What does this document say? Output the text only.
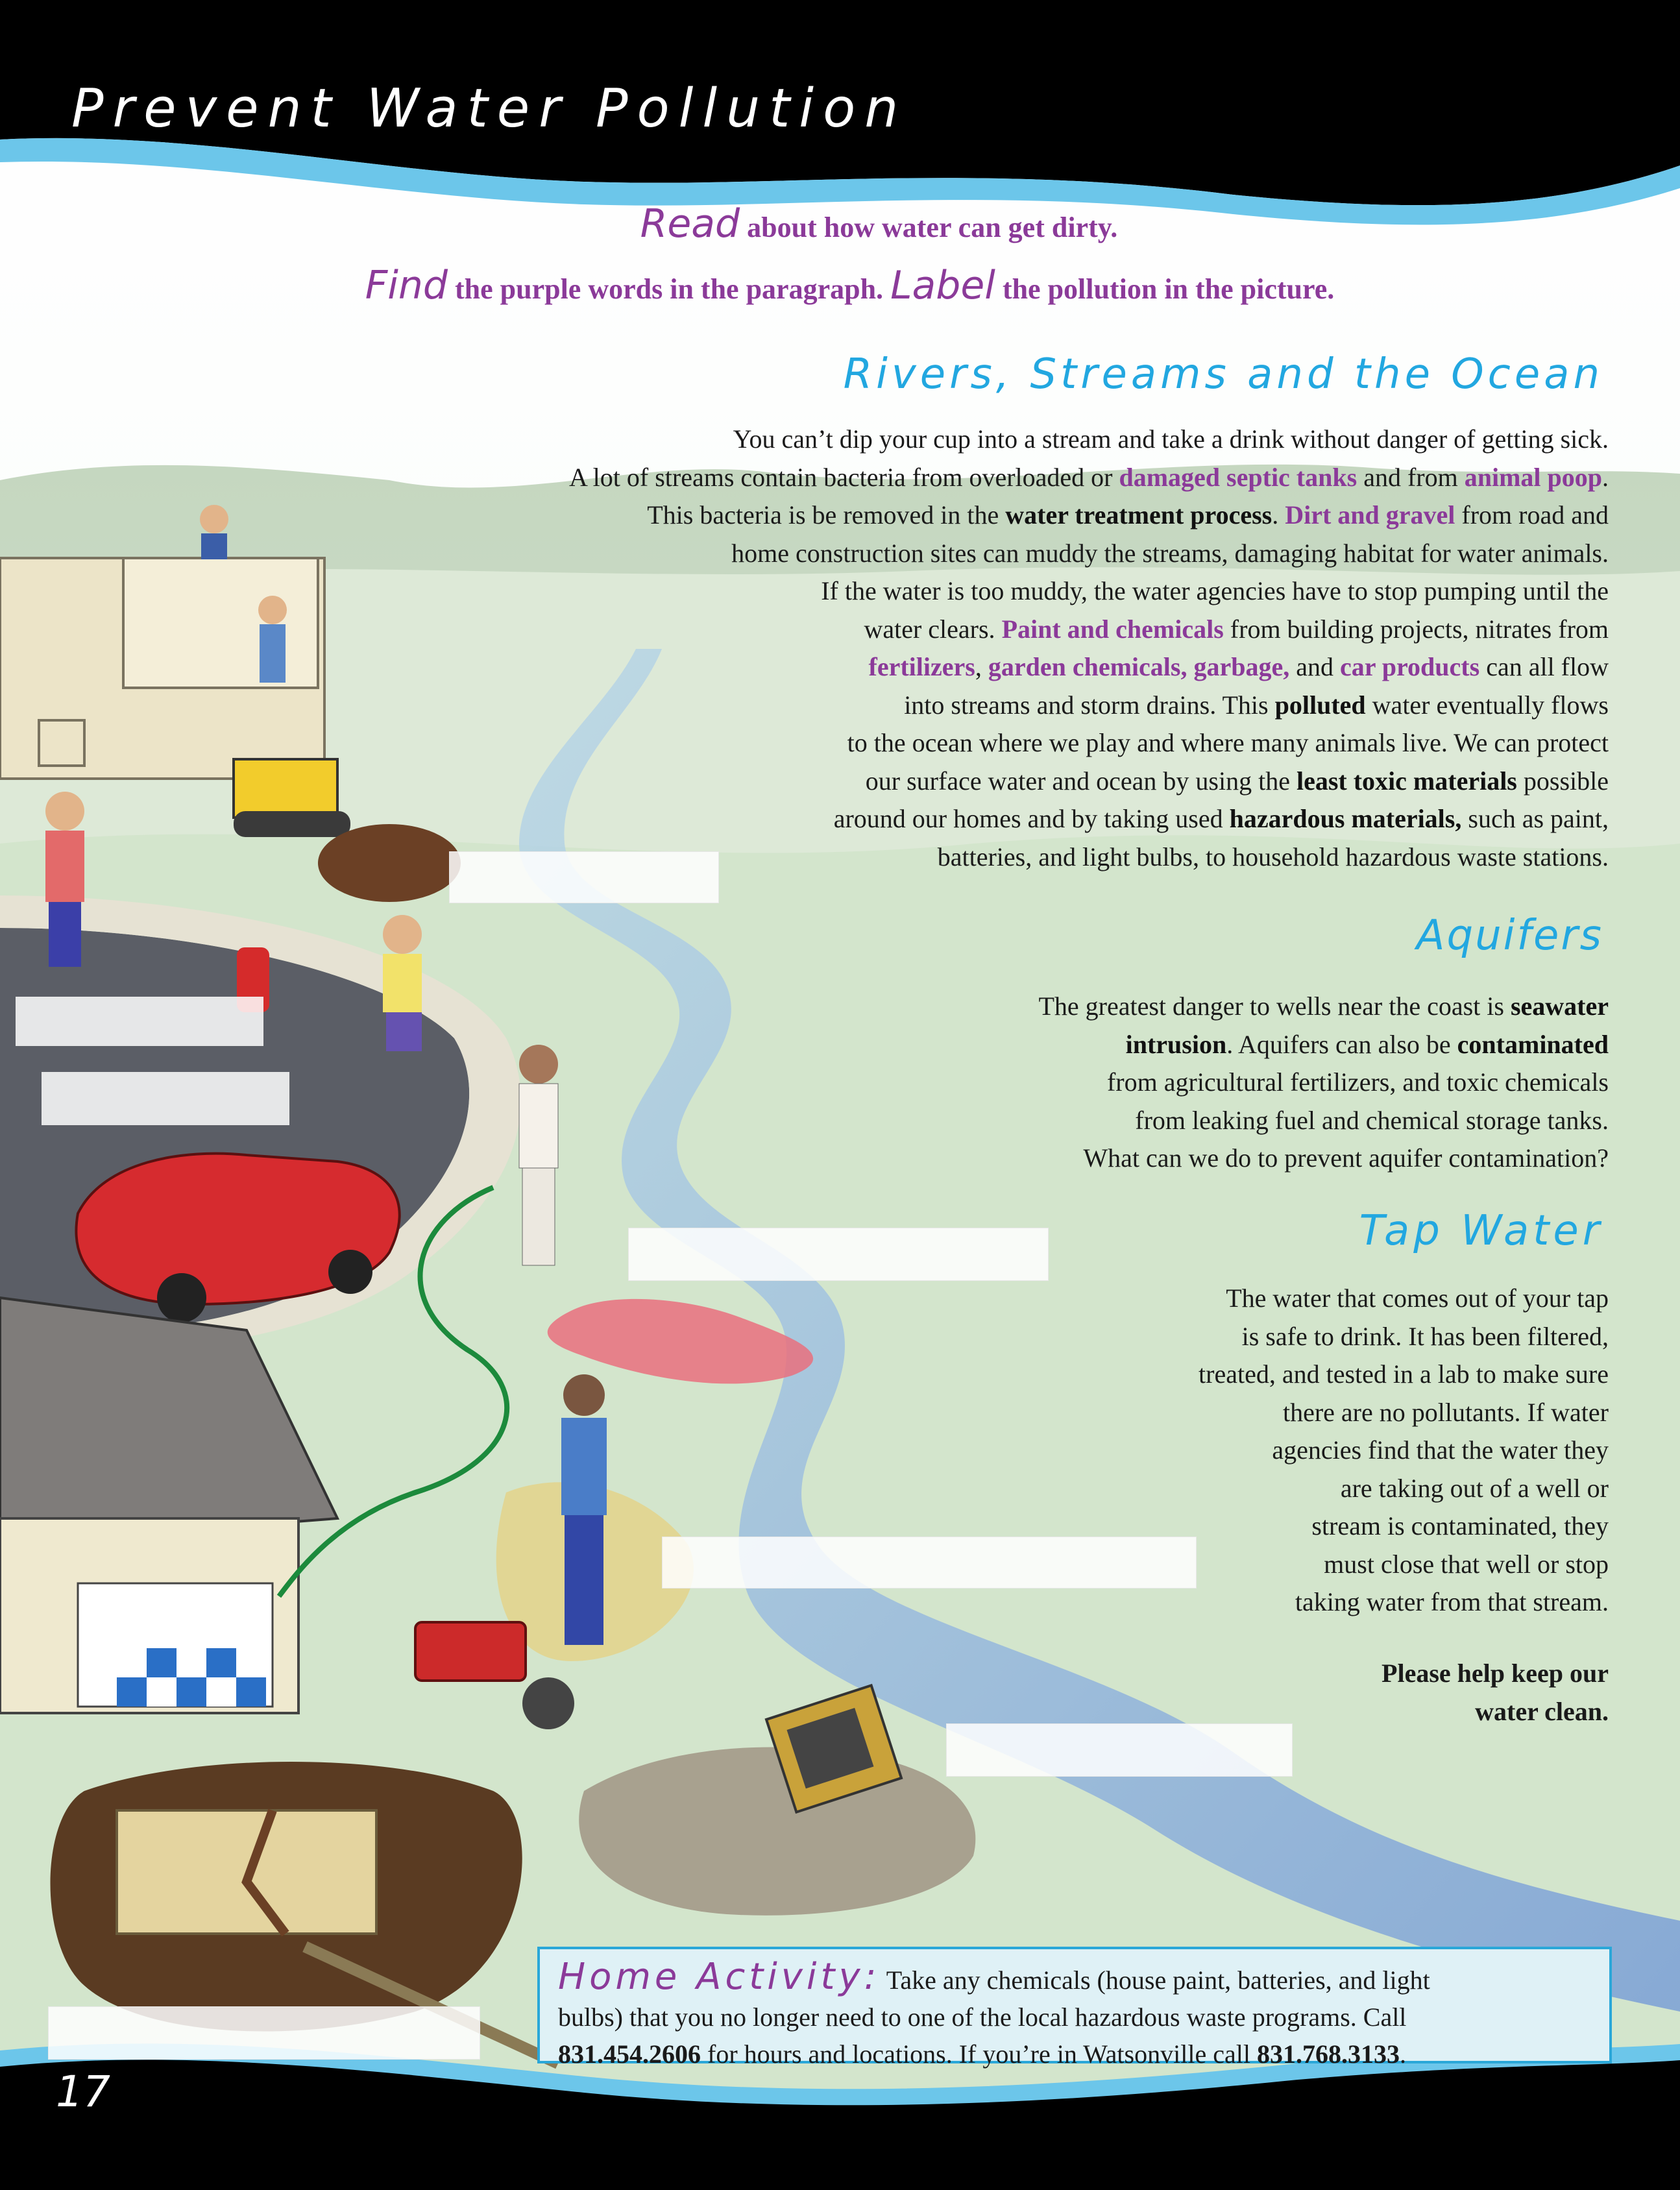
Prevent Water Pollution
Read about how water can get dirty.
Find the purple words in the paragraph. Label the pollution in the picture.
Rivers, Streams and the Ocean
You can’t dip your cup into a stream and take a drink without danger of getting sick.
A lot of streams contain bacteria from overloaded or damaged septic tanks and from animal poop.
This bacteria is be removed in the water treatment process. Dirt and gravel from road and
home construction sites can muddy the streams, damaging habitat for water animals.
If the water is too muddy, the water agencies have to stop pumping until the
water clears. Paint and chemicals from building projects, nitrates from
fertilizers, garden chemicals, garbage, and car products can all flow
into streams and storm drains. This polluted water eventually flows
to the ocean where we play and where many animals live. We can protect
our surface water and ocean by using the least toxic materials possible
around our homes and by taking used hazardous materials, such as paint,
batteries, and light bulbs, to household hazardous waste stations.
Aquifers
The greatest danger to wells near the coast is seawater
intrusion. Aquifers can also be contaminated
from agricultural fertilizers, and toxic chemicals
from leaking fuel and chemical storage tanks.
What can we do to prevent aquifer contamination?
Tap Water
The water that comes out of your tap
is safe to drink. It has been filtered,
treated, and tested in a lab to make sure
there are no pollutants. If water
agencies find that the water they
are taking out of a well or
stream is contaminated, they
must close that well or stop
taking water from that stream.
Please help keep our
water clean.
Home Activity: Take any chemicals (house paint, batteries, and light
bulbs) that you no longer need to one of the local hazardous waste programs. Call
831.454.2606 for hours and locations. If you’re in Watsonville call 831.768.3133.
17
